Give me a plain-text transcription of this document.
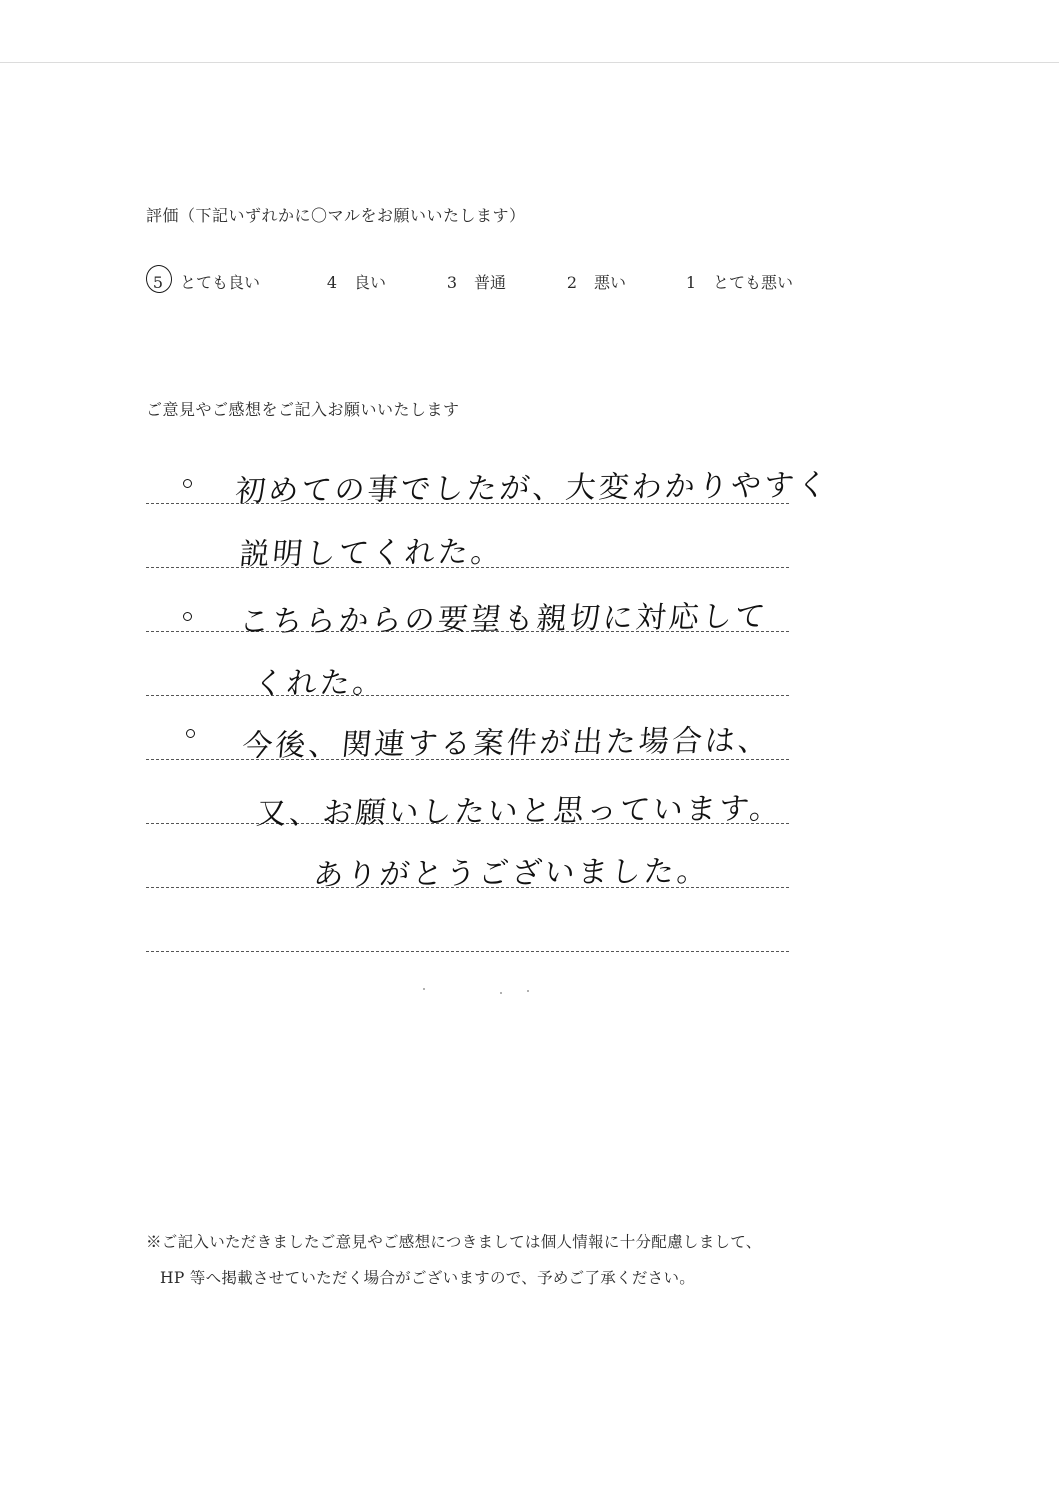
評価（下記いずれかに〇マルをお願いいたします）
5 とても良い	4 良い	3 普通	2 悪い	1 とても悪い
ご意見やご感想をご記入お願いいたします
初めての事でしたが、大変わかりやすく
説明してくれた。
こちらからの要望も親切に対応して
くれた。
今後、関連する案件が出た場合は、
又、お願いしたいと思っています。
ありがとうございました。
※ご記入いただきましたご意見やご感想につきましては個人情報に十分配慮しまして、
HP 等へ掲載させていただく場合がございますので、予めご了承ください。
